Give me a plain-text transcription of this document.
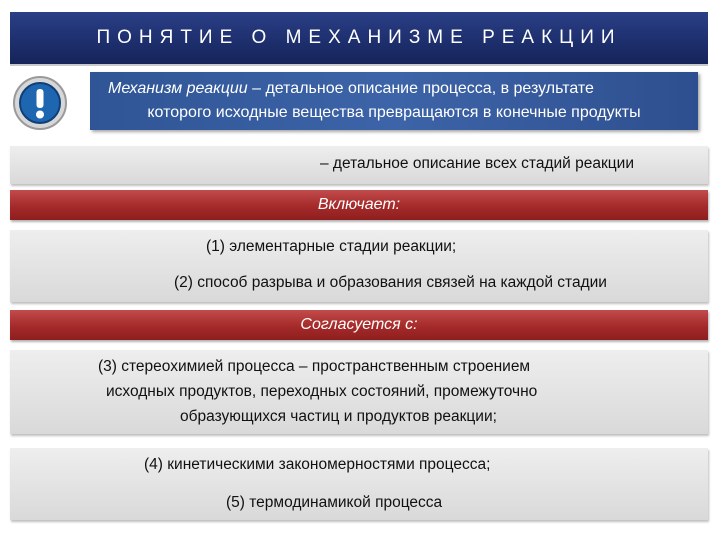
ПОНЯТИЕ О МЕХАНИЗМЕ РЕАКЦИИ
Механизм реакции – детальное описание процесса, в результате
которого исходные вещества превращаются в конечные продукты
– детальное описание всех стадий реакции
Включает:
(1) элементарные стадии реакции;
(2) способ разрыва и образования связей на каждой стадии
Согласуется с:
(3) стереохимией процесса – пространственным строением
исходных продуктов, переходных состояний, промежуточно
образующихся частиц и продуктов реакции;
(4) кинетическими закономерностями процесса;
(5) термодинамикой процесса
